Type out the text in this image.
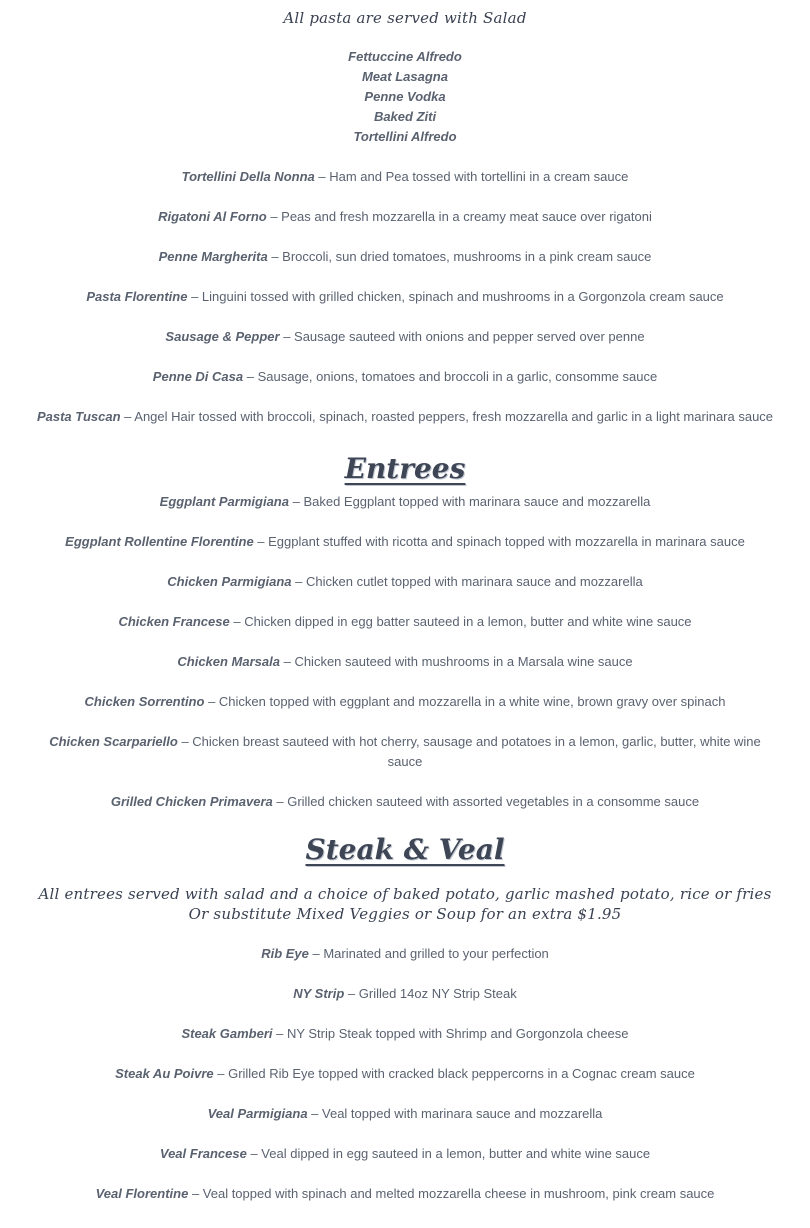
All pasta are served with Salad
Fettuccine Alfredo
Meat Lasagna
Penne Vodka
Baked Ziti
Tortellini Alfredo

Tortellini Della Nonna – Ham and Pea tossed with tortellini in a cream sauce

Rigatoni Al Forno – Peas and fresh mozzarella in a creamy meat sauce over rigatoni

Penne Margherita – Broccoli, sun dried tomatoes, mushrooms in a pink cream sauce

Pasta Florentine – Linguini tossed with grilled chicken, spinach and mushrooms in a Gorgonzola cream sauce

Sausage & Pepper – Sausage sauteed with onions and pepper served over penne

Penne Di Casa – Sausage, onions, tomatoes and broccoli in a garlic, consomme sauce

Pasta Tuscan – Angel Hair tossed with broccoli, spinach, roasted peppers, fresh mozzarella and garlic in a light marinara sauce

Entrees

Eggplant Parmigiana – Baked Eggplant topped with marinara sauce and mozzarella

Eggplant Rollentine Florentine – Eggplant stuffed with ricotta and spinach topped with mozzarella in marinara sauce

Chicken Parmigiana – Chicken cutlet topped with marinara sauce and mozzarella

Chicken Francese – Chicken dipped in egg batter sauteed in a lemon, butter and white wine sauce

Chicken Marsala – Chicken sauteed with mushrooms in a Marsala wine sauce

Chicken Sorrentino – Chicken topped with eggplant and mozzarella in a white wine, brown gravy over spinach

Chicken Scarpariello – Chicken breast sauteed with hot cherry, sausage and potatoes in a lemon, garlic, butter, white wine sauce

Grilled Chicken Primavera – Grilled chicken sauteed with assorted vegetables in a consomme sauce

Steak & Veal
All entrees served with salad and a choice of baked potato, garlic mashed potato, rice or fries
Or substitute Mixed Veggies or Soup for an extra $1.95

Rib Eye – Marinated and grilled to your perfection

NY Strip – Grilled 14oz NY Strip Steak

Steak Gamberi – NY Strip Steak topped with Shrimp and Gorgonzola cheese

Steak Au Poivre – Grilled Rib Eye topped with cracked black peppercorns in a Cognac cream sauce

Veal Parmigiana – Veal topped with marinara sauce and mozzarella

Veal Francese – Veal dipped in egg sauteed in a lemon, butter and white wine sauce

Veal Florentine – Veal topped with spinach and melted mozzarella cheese in mushroom, pink cream sauce
